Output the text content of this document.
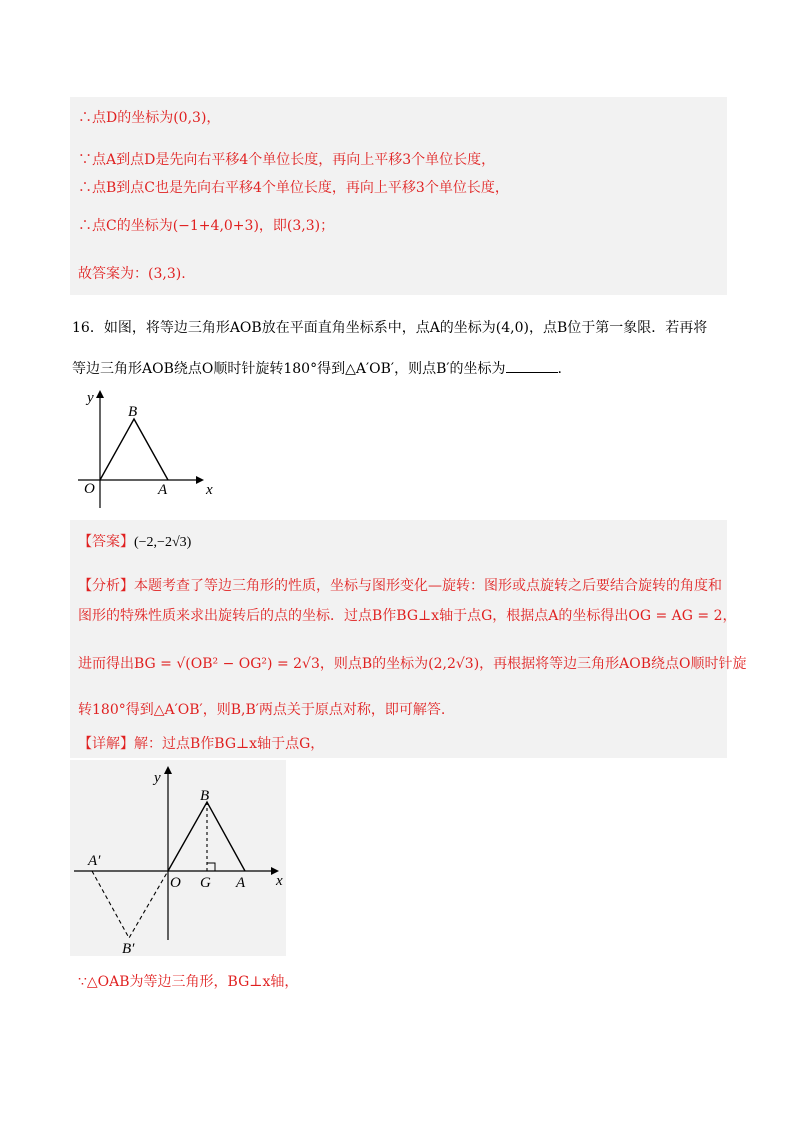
∴点D的坐标为(0,3)，
∵点A到点D是先向右平移4个单位长度，再向上平移3个单位长度，
∴点B到点C也是先向右平移4个单位长度，再向上平移3个单位长度，
∴点C的坐标为(−1+4,0+3)，即(3,3)；
故答案为：(3,3).
16．如图，将等边三角形AOB放在平面直角坐标系中，点A的坐标为(4,0)，点B位于第一象限．若再将
等边三角形AOB绕点O顺时针旋转180°得到△A′OB′，则点B′的坐标为	.
y
x
O	A
B
【答案】(−2,−2√3)
【分析】本题考查了等边三角形的性质，坐标与图形变化—旋转：图形或点旋转之后要结合旋转的角度和
图形的特殊性质来求出旋转后的点的坐标．过点B作BG⊥x轴于点G，根据点A的坐标得出OG = AG = 2，
进而得出BG = √(OB² − OG²) = 2√3，则点B的坐标为(2,2√3)，再根据将等边三角形AOB绕点O顺时针旋
转180°得到△A′OB′，则B,B′两点关于原点对称，即可解答.
【详解】解：过点B作BG⊥x轴于点G，
y
x
O G A
B
A′
B′
∵△OAB为等边三角形，BG⊥x轴，
